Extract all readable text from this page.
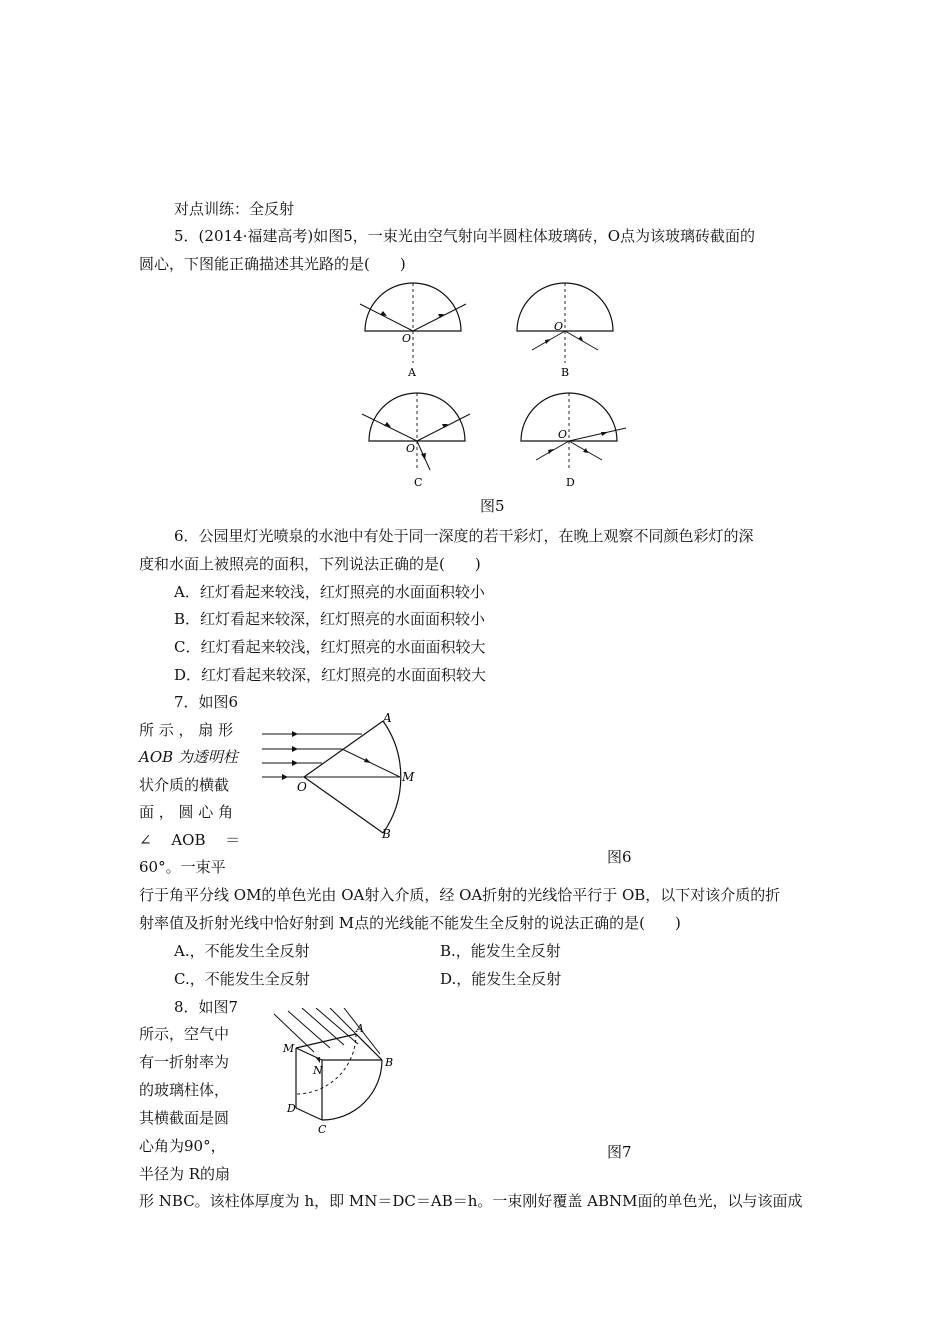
对点训练：全反射
5．(2014·福建高考)如图5，一束光由空气射向半圆柱体玻璃砖，O点为该玻璃砖截面的
圆心，下图能正确描述其光路的是(　　)
O
A
O
B
O
C
O
D
图5
6．公园里灯光喷泉的水池中有处于同一深度的若干彩灯，在晚上观察不同颜色彩灯的深
度和水面上被照亮的面积，下列说法正确的是(　　)
A．红灯看起来较浅，红灯照亮的水面面积较小
B．红灯看起来较深，红灯照亮的水面面积较小
C．红灯看起来较浅，红灯照亮的水面面积较大
D．红灯看起来较深，红灯照亮的水面面积较大
7．如图6
所 示 ， 扇 形
AOB 为透明柱
状介质的横截
面 ， 圆 心 角
∠　 AOB　 ＝
60°。一束平
A
O
M
B
图6
行于角平分线 OM的单色光由 OA射入介质，经 OA折射的光线恰平行于 OB，以下对该介质的折
射率值及折射光线中恰好射到 M点的光线能不能发生全反射的说法正确的是(　　)
A.，不能发生全反射	B.，能发生全反射
C.，不能发生全反射	D.，能发生全反射
8．如图7
所示，空气中
有一折射率为
的玻璃柱体，
其横截面是圆
心角为90°，
半径为 R的扇
M
A
N
B
D
C
图7
形 NBC。该柱体厚度为 h，即 MN＝DC＝AB＝h。一束刚好覆盖 ABNM面的单色光，以与该面成
